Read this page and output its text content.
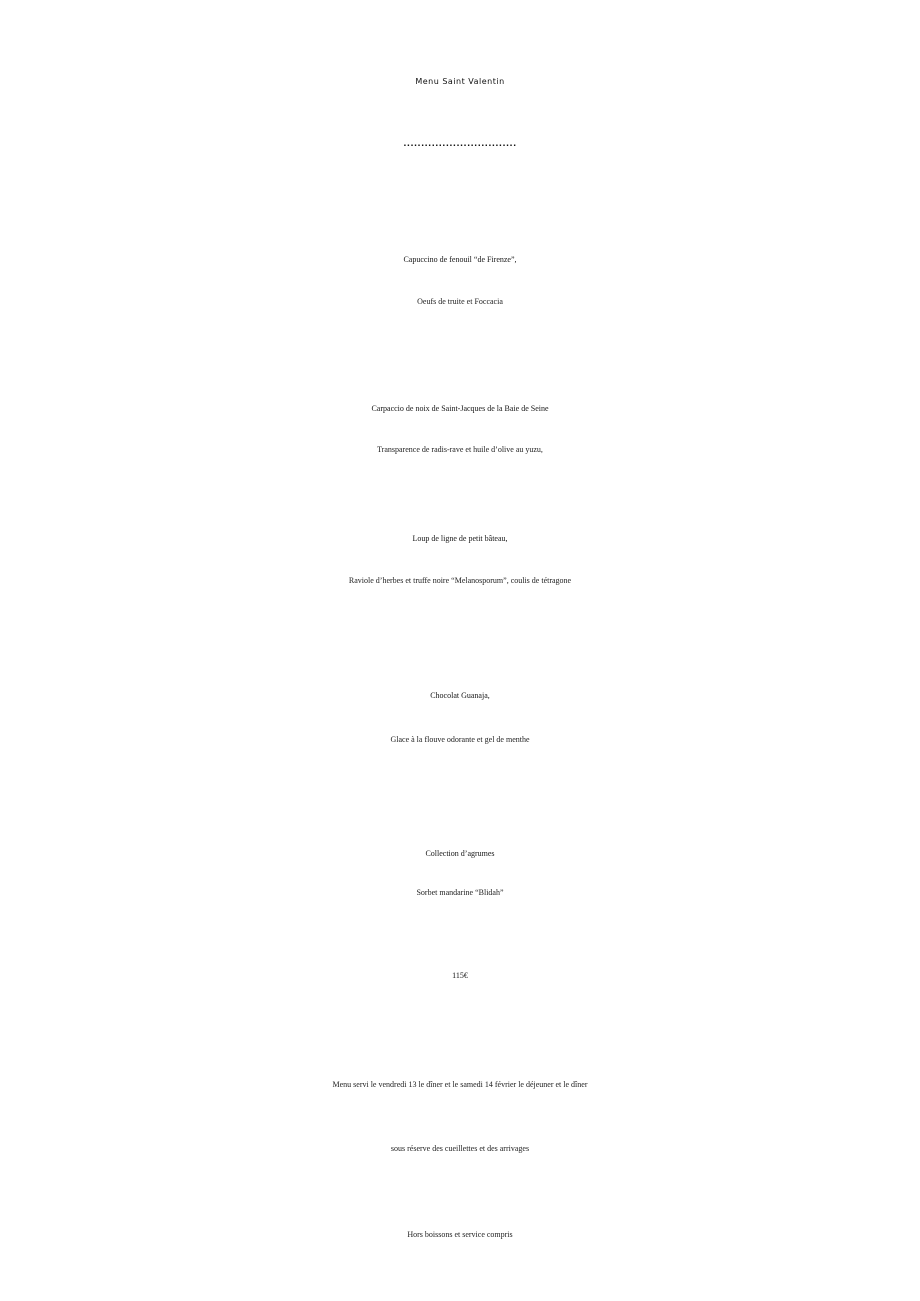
Menu Saint Valentin
................................
Capuccino de fenouil “de Firenze”,
Oeufs de truite et Foccacia
Carpaccio de noix de Saint-Jacques de la Baie de Seine
Transparence de radis-rave et huile d’olive au yuzu,
Loup de ligne de petit bâteau,
Raviole d’herbes et truffe noire “Melanosporum”, coulis de tétragone
Chocolat Guanaja,
Glace à la flouve odorante et gel de menthe
Collection d’agrumes
Sorbet mandarine “Blidah”
115€
Menu servi le vendredi 13 le dîner et le samedi 14 février le déjeuner et le dîner
sous réserve des cueillettes et des arrivages
Hors boissons et service compris
